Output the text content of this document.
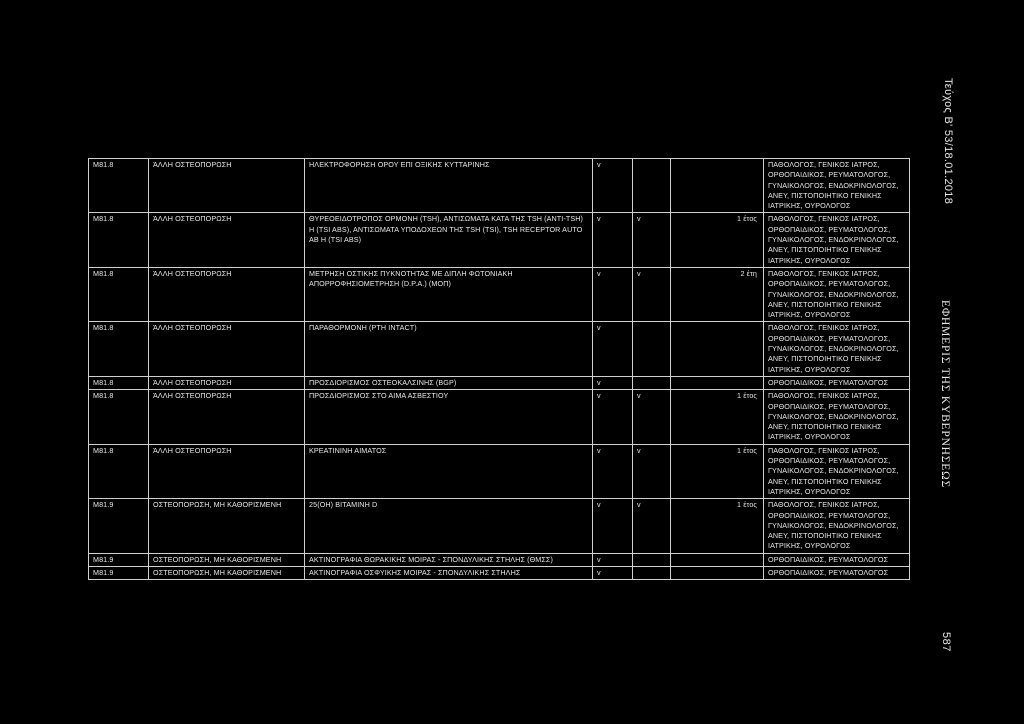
M81.8	ΆΛΛΗ ΟΣΤΕΟΠΟΡΩΣΗ	ΗΛΕΚΤΡΟΦΟΡΗΣΗ ΟΡΟΥ ΕΠΙ ΟΞΙΚΗΣ ΚΥΤΤΑΡΙΝΗΣ	v			ΠΑΘΟΛΟΓΟΣ, ΓΕΝΙΚΟΣ ΙΑΤΡΟΣ, ΟΡΘΟΠΑΙΔΙΚΟΣ, ΡΕΥΜΑΤΟΛΟΓΟΣ, ΓΥΝΑΙΚΟΛΟΓΟΣ, ΕΝΔΟΚΡΙΝΟΛΟΓΟΣ, ΑΝΕΥ, ΠΙΣΤΟΠΟΙΗΤΙΚΟ ΓΕΝΙΚΗΣ ΙΑΤΡΙΚΗΣ, ΟΥΡΟΛΟΓΟΣ
M81.8	ΆΛΛΗ ΟΣΤΕΟΠΟΡΩΣΗ	ΘΥΡΕΟΕΙΔΟΤΡΟΠΟΣ ΟΡΜΟΝΗ (TSH), ΑΝΤΙΣΩΜΑΤΑ ΚΑΤΑ ΤΗΣ TSH (ANTI-TSH) Η (TSI ABS), ΑΝΤΙΣΩΜΑΤΑ ΥΠΟΔΟΧΕΩΝ ΤΗΣ TSH (TSI), TSH RECEPTOR AUTO AB H (TSI ABS)	v	v	1 έτος	ΠΑΘΟΛΟΓΟΣ, ΓΕΝΙΚΟΣ ΙΑΤΡΟΣ, ΟΡΘΟΠΑΙΔΙΚΟΣ, ΡΕΥΜΑΤΟΛΟΓΟΣ, ΓΥΝΑΙΚΟΛΟΓΟΣ, ΕΝΔΟΚΡΙΝΟΛΟΓΟΣ, ΑΝΕΥ, ΠΙΣΤΟΠΟΙΗΤΙΚΟ ΓΕΝΙΚΗΣ ΙΑΤΡΙΚΗΣ, ΟΥΡΟΛΟΓΟΣ
M81.8	ΆΛΛΗ ΟΣΤΕΟΠΟΡΩΣΗ	ΜΕΤΡΗΣΗ ΟΣΤΙΚΗΣ ΠΥΚΝΟΤΗΤΑΣ ΜΕ ΔΙΠΛΗ ΦΩΤΟΝΙΑΚΗ ΑΠΟΡΡΟΦΗΣΙΟΜΕΤΡΗΣΗ (D.P.A.) (ΜΟΠ)	v	v	2 έτη	ΠΑΘΟΛΟΓΟΣ, ΓΕΝΙΚΟΣ ΙΑΤΡΟΣ, ΟΡΘΟΠΑΙΔΙΚΟΣ, ΡΕΥΜΑΤΟΛΟΓΟΣ, ΓΥΝΑΙΚΟΛΟΓΟΣ, ΕΝΔΟΚΡΙΝΟΛΟΓΟΣ, ΑΝΕΥ, ΠΙΣΤΟΠΟΙΗΤΙΚΟ ΓΕΝΙΚΗΣ ΙΑΤΡΙΚΗΣ, ΟΥΡΟΛΟΓΟΣ
M81.8	ΆΛΛΗ ΟΣΤΕΟΠΟΡΩΣΗ	ΠΑΡΑΘΟΡΜΟΝΗ (PTH INTACT)	v			ΠΑΘΟΛΟΓΟΣ, ΓΕΝΙΚΟΣ ΙΑΤΡΟΣ, ΟΡΘΟΠΑΙΔΙΚΟΣ, ΡΕΥΜΑΤΟΛΟΓΟΣ, ΓΥΝΑΙΚΟΛΟΓΟΣ, ΕΝΔΟΚΡΙΝΟΛΟΓΟΣ, ΑΝΕΥ, ΠΙΣΤΟΠΟΙΗΤΙΚΟ ΓΕΝΙΚΗΣ ΙΑΤΡΙΚΗΣ, ΟΥΡΟΛΟΓΟΣ
M81.8	ΆΛΛΗ ΟΣΤΕΟΠΟΡΩΣΗ	ΠΡΟΣΔΙΟΡΙΣΜΟΣ ΟΣΤΕΟΚΑΛΣΙΝΗΣ (BGP)	v			ΟΡΘΟΠΑΙΔΙΚΟΣ, ΡΕΥΜΑΤΟΛΟΓΟΣ
M81.8	ΆΛΛΗ ΟΣΤΕΟΠΟΡΩΣΗ	ΠΡΟΣΔΙΟΡΙΣΜΟΣ ΣΤΟ ΑΙΜΑ ΑΣΒΕΣΤΙΟΥ	v	v	1 έτος	ΠΑΘΟΛΟΓΟΣ, ΓΕΝΙΚΟΣ ΙΑΤΡΟΣ, ΟΡΘΟΠΑΙΔΙΚΟΣ, ΡΕΥΜΑΤΟΛΟΓΟΣ, ΓΥΝΑΙΚΟΛΟΓΟΣ, ΕΝΔΟΚΡΙΝΟΛΟΓΟΣ, ΑΝΕΥ, ΠΙΣΤΟΠΟΙΗΤΙΚΟ ΓΕΝΙΚΗΣ ΙΑΤΡΙΚΗΣ, ΟΥΡΟΛΟΓΟΣ
M81.8	ΆΛΛΗ ΟΣΤΕΟΠΟΡΩΣΗ	ΚΡΕΑΤΙΝΙΝΗ ΑΙΜΑΤΟΣ	v	v	1 έτος	ΠΑΘΟΛΟΓΟΣ, ΓΕΝΙΚΟΣ ΙΑΤΡΟΣ, ΟΡΘΟΠΑΙΔΙΚΟΣ, ΡΕΥΜΑΤΟΛΟΓΟΣ, ΓΥΝΑΙΚΟΛΟΓΟΣ, ΕΝΔΟΚΡΙΝΟΛΟΓΟΣ, ΑΝΕΥ, ΠΙΣΤΟΠΟΙΗΤΙΚΟ ΓΕΝΙΚΗΣ ΙΑΤΡΙΚΗΣ, ΟΥΡΟΛΟΓΟΣ
M81.9	ΟΣΤΕΟΠΟΡΩΣΗ, ΜΗ ΚΑΘΟΡΙΣΜΕΝΗ	25(OH) ΒΙΤΑΜΙΝΗ D	v	v	1 έτος	ΠΑΘΟΛΟΓΟΣ, ΓΕΝΙΚΟΣ ΙΑΤΡΟΣ, ΟΡΘΟΠΑΙΔΙΚΟΣ, ΡΕΥΜΑΤΟΛΟΓΟΣ, ΓΥΝΑΙΚΟΛΟΓΟΣ, ΕΝΔΟΚΡΙΝΟΛΟΓΟΣ, ΑΝΕΥ, ΠΙΣΤΟΠΟΙΗΤΙΚΟ ΓΕΝΙΚΗΣ ΙΑΤΡΙΚΗΣ, ΟΥΡΟΛΟΓΟΣ
M81.9	ΟΣΤΕΟΠΟΡΩΣΗ, ΜΗ ΚΑΘΟΡΙΣΜΕΝΗ	ΑΚΤΙΝΟΓΡΑΦΙΑ ΘΩΡΑΚΙΚΗΣ ΜΟΙΡΑΣ - ΣΠΟΝΔΥΛΙΚΗΣ ΣΤΗΛΗΣ (ΘΜΣΣ)	v			ΟΡΘΟΠΑΙΔΙΚΟΣ, ΡΕΥΜΑΤΟΛΟΓΟΣ
M81.9	ΟΣΤΕΟΠΟΡΩΣΗ, ΜΗ ΚΑΘΟΡΙΣΜΕΝΗ	ΑΚΤΙΝΟΓΡΑΦΙΑ ΟΣΦΥΙΚΗΣ ΜΟΙΡΑΣ - ΣΠΟΝΔΥΛΙΚΗΣ ΣΤΗΛΗΣ	v			ΟΡΘΟΠΑΙΔΙΚΟΣ, ΡΕΥΜΑΤΟΛΟΓΟΣ
Τεύχος Β' 53/18.01.2018
ΕΦΗΜΕΡΙΣ ΤΗΣ ΚΥΒΕΡΝΗΣΕΩΣ
587
